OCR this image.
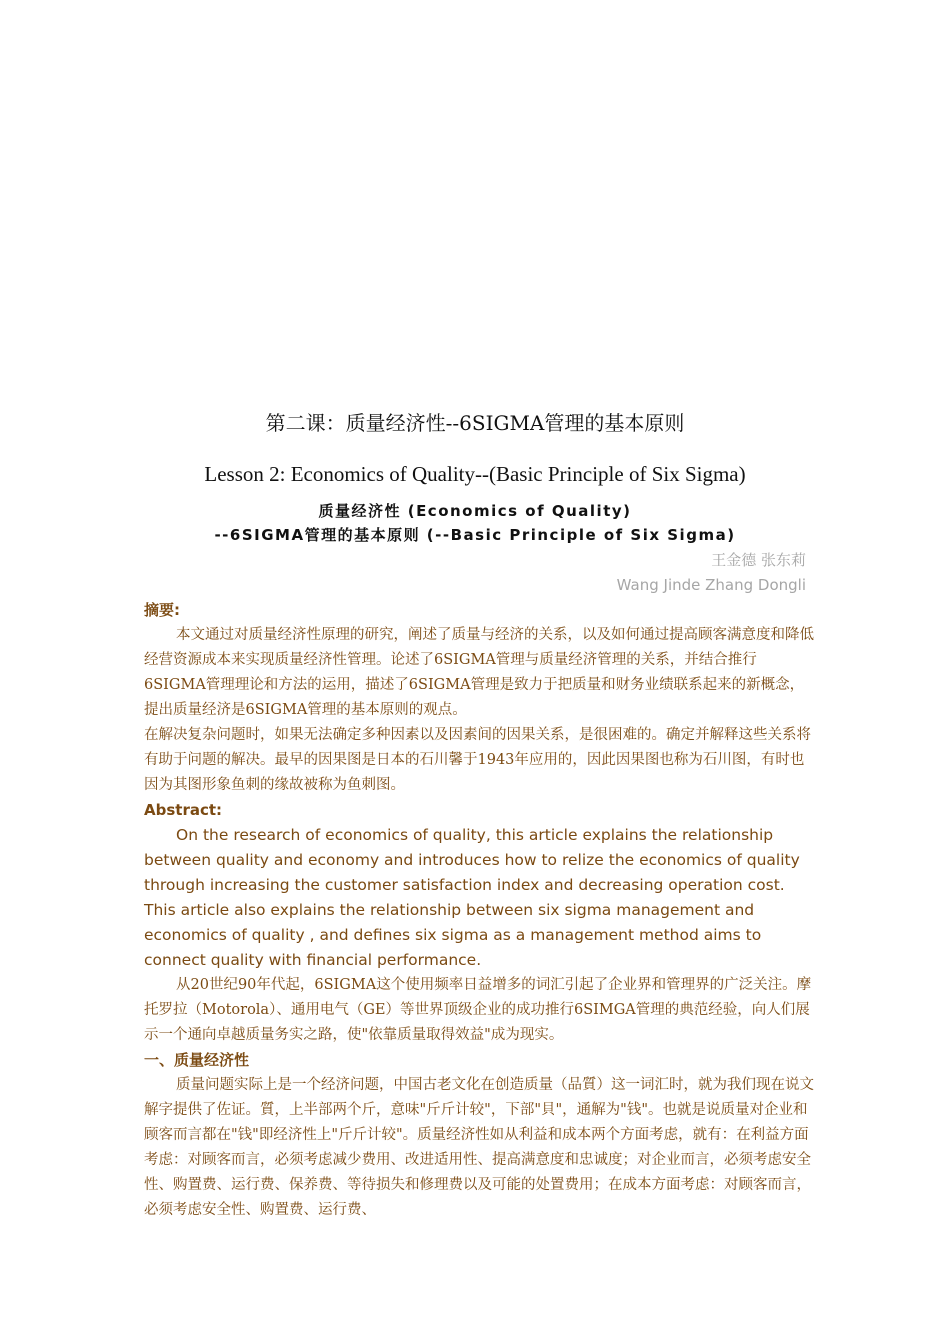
第二课：质量经济性--6SIGMA管理的基本原则
Lesson 2: Economics of Quality--(Basic Principle of Six Sigma)
质量经济性 (Economics of Quality)
--6SIGMA管理的基本原则 (--Basic Principle of Six Sigma)
王金德 张东莉
Wang Jinde Zhang Dongli

摘要:

本文通过对质量经济性原理的研究，阐述了质量与经济的关系，以及如何通过提高顾客满意度和降低经营资源成本来实现质量经济性管理。论述了6SIGMA管理与质量经济管理的关系，并结合推行6SIGMA管理理论和方法的运用，描述了6SIGMA管理是致力于把质量和财务业绩联系起来的新概念，提出质量经济是6SIGMA管理的基本原则的观点。

在解决复杂问题时，如果无法确定多种因素以及因素间的因果关系，是很困难的。确定并解释这些关系将有助于问题的解决。最早的因果图是日本的石川馨于1943年应用的，因此因果图也称为石川图，有时也因为其图形象鱼刺的缘故被称为鱼刺图。

Abstract:

On the research of economics of quality, this article explains the relationship between quality and economy and introduces how to relize the economics of quality through increasing the customer satisfaction index and decreasing operation cost. This article also explains the relationship between six sigma management and economics of quality , and defines six sigma as a management method aims to connect quality with financial performance.

从20世纪90年代起，6SIGMA这个使用频率日益增多的词汇引起了企业界和管理界的广泛关注。摩托罗拉（Motorola）、通用电气（GE）等世界顶级企业的成功推行6SIMGA管理的典范经验，向人们展示一个通向卓越质量务实之路，使"依靠质量取得效益"成为现实。

一、质量经济性

质量问题实际上是一个经济问题，中国古老文化在创造质量（品質）这一词汇时，就为我们现在说文解字提供了佐证。質，上半部两个斤，意味"斤斤计较"，下部"貝"，通解为"钱"。也就是说质量对企业和顾客而言都在"钱"即经济性上"斤斤计较"。质量经济性如从利益和成本两个方面考虑，就有：在利益方面考虑：对顾客而言，必须考虑减少费用、改进适用性、提高满意度和忠诚度；对企业而言，必须考虑安全性、购置费、运行费、保养费、等待损失和修理费以及可能的处置费用；在成本方面考虑：对顾客而言，必须考虑安全性、购置费、运行费、
